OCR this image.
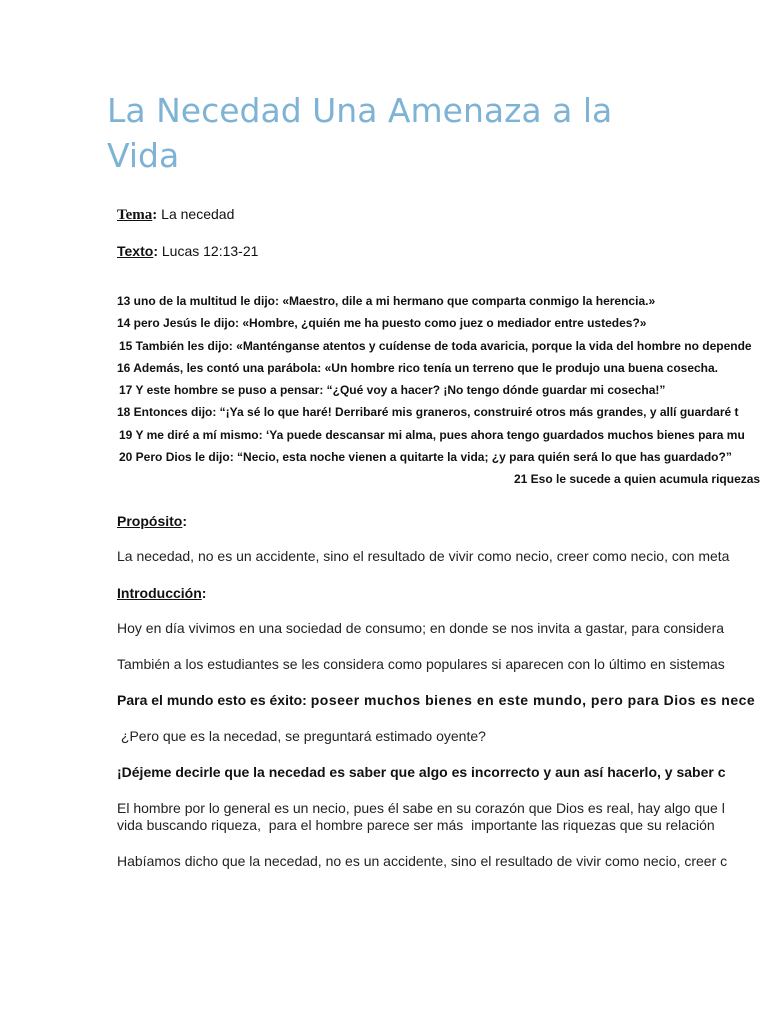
La Necedad Una Amenaza a la Vida
Tema: La necedad
Texto: Lucas 12:13-21
13 uno de la multitud le dijo: «Maestro, dile a mi hermano que comparta conmigo la herencia.»
14 pero Jesús le dijo: «Hombre, ¿quién me ha puesto como juez o mediador entre ustedes?»
15 También les dijo: «Manténganse atentos y cuídense de toda avaricia, porque la vida del hombre no depende
16 Además, les contó una parábola: «Un hombre rico tenía un terreno que le produjo una buena cosecha.
17 Y este hombre se puso a pensar: “¿Qué voy a hacer? ¡No tengo dónde guardar mi cosecha!”
18 Entonces dijo: “¡Ya sé lo que haré! Derribaré mis graneros, construiré otros más grandes, y allí guardaré t
19 Y me diré a mí mismo: ‘Ya puede descansar mi alma, pues ahora tengo guardados muchos bienes para mu
20 Pero Dios le dijo: “Necio, esta noche vienen a quitarte la vida; ¿y para quién será lo que has guardado?”
21 Eso le sucede a quien acumula riquezas
Propósito:
La necedad, no es un accidente, sino el resultado de vivir como necio, creer como necio, con meta
Introducción:
Hoy en día vivimos en una sociedad de consumo; en donde se nos invita a gastar, para considera
También a los estudiantes se les considera como populares si aparecen con lo último en sistemas
Para el mundo esto es éxito: poseer muchos bienes en este mundo, pero para Dios es nece
¿Pero que es la necedad, se preguntará estimado oyente?
¡Déjeme decirle que la necedad es saber que algo es incorrecto y aun así hacerlo, y saber c
El hombre por lo general es un necio, pues él sabe en su corazón que Dios es real, hay algo que l
vida buscando riqueza,  para el hombre parece ser más  importante las riquezas que su relación
Habíamos dicho que la necedad, no es un accidente, sino el resultado de vivir como necio, creer c
